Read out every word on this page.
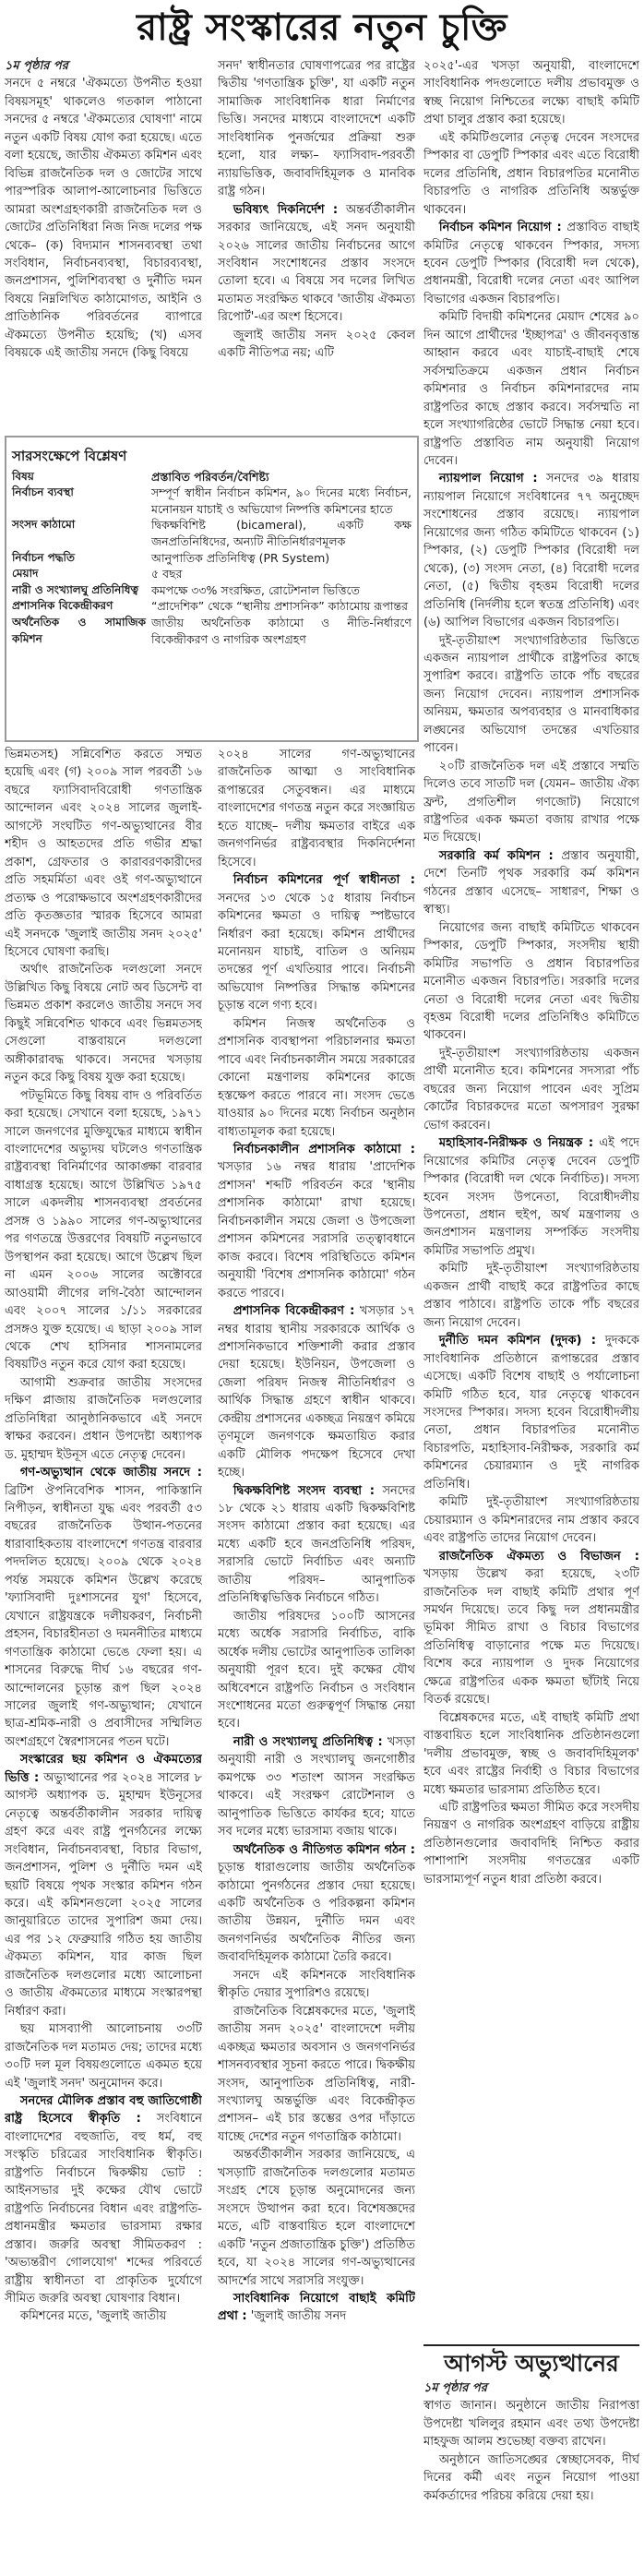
রাষ্ট্র সংস্কারের নতুন চুক্তি

১ম পৃষ্ঠার পর

সনদে ৫ নম্বরে 'ঐকমত্যে উপনীত হওয়া বিষয়সমূহ' থাকলেও গতকাল পাঠানো সনদের ৫ নম্বরে 'ঐকমত্যের ঘোষণা' নামে নতুন একটি বিষয় যোগ করা হয়েছে। এতে বলা হয়েছে, জাতীয় ঐকমত্য কমিশন এবং বিভিন্ন রাজনৈতিক দল ও জোটের সাথে পারস্পরিক আলাপ-আলোচনার ভিত্তিতে আমরা অংশগ্রহণকারী রাজনৈতিক দল ও জোটের প্রতিনিধিরা নিজ নিজ দলের পক্ষ থেকে– (ক) বিদ্যমান শাসনব্যবস্থা তথা সংবিধান, নির্বাচনব্যবস্থা, বিচারব্যবস্থা, জনপ্রশাসন, পুলিশিব্যবস্থা ও দুর্নীতি দমন বিষয়ে নিম্নলিখিত কাঠামোগত, আইনি ও প্রাতিষ্ঠানিক পরিবর্তনের ব্যাপারে ঐকমত্যে উপনীত হয়েছি; (খ) এসব বিষয়কে এই জাতীয় সনদে (কিছু বিষয়ে

সনদ' স্বাধীনতার ঘোষণাপত্রের পর রাষ্ট্রের দ্বিতীয় 'গণতান্ত্রিক চুক্তি', যা একটি নতুন সামাজিক সাংবিধানিক ধারা নির্মাণের ভিত্তি। সনদের মাধ্যমে বাংলাদেশে একটি সাংবিধানিক পুনর্জন্মের প্রক্রিয়া শুরু হলো, যার লক্ষ্য– ফ্যাসিবাদ-পরবর্তী ন্যায়ভিত্তিক, জবাবদিহিমূলক ও মানবিক রাষ্ট্র গঠন।

ভবিষ্যৎ দিকনির্দেশ : অন্তর্বর্তীকালীন সরকার জানিয়েছে, এই সনদ অনুযায়ী ২০২৬ সালের জাতীয় নির্বাচনের আগে সংবিধান সংশোধনের প্রস্তাব সংসদে তোলা হবে। এ বিষয়ে সব দলের লিখিত মতামত সংরক্ষিত থাকবে 'জাতীয় ঐকমত্য রিপোর্ট'-এর অংশ হিসেবে।

জুলাই জাতীয় সনদ ২০২৫ কেবল একটি নীতিপত্র নয়; এটি

সারসংক্ষেপে বিশ্লেষণ
বিষয়	প্রস্তাবিত পরিবর্তন/বৈশিষ্ট্য
নির্বাচন ব্যবস্থা	সম্পূর্ণ স্বাধীন নির্বাচন কমিশন, ৯০ দিনের মধ্যে নির্বাচন, মনোনয়ন যাচাই ও অভিযোগ নিষ্পত্তি কমিশনের হাতে
সংসদ কাঠামো	দ্বিকক্ষবিশিষ্ট (bicameral), একটি কক্ষ জনপ্রতিনিধিদের, অন্যটি নীতিনির্ধারণমূলক
নির্বাচন পদ্ধতি	আনুপাতিক প্রতিনিধিত্ব (PR System)
মেয়াদ	৫ বছর
নারী ও সংখ্যালঘু প্রতিনিধিত্ব	কমপক্ষে ৩৩% সংরক্ষিত, রোটেশনাল ভিত্তিতে
প্রশাসনিক বিকেন্দ্রীকরণ	“প্রাদেশিক” থেকে “স্থানীয় প্রশাসনিক” কাঠামোয় রূপান্তর
অর্থনৈতিক ও সামাজিক কমিশন	জাতীয় অর্থনৈতিক কাঠামো ও নীতি-নির্ধারণে বিকেন্দ্রীকরণ ও নাগরিক অংশগ্রহণ

ভিন্নমতসহ) সন্নিবেশিত করতে সম্মত হয়েছি এবং (গ) ২০০৯ সাল পরবর্তী ১৬ বছরে ফ্যাসিবাদবিরোধী গণতান্ত্রিক আন্দোলন এবং ২০২৪ সালের জুলাই-আগস্টে সংঘটিত গণ-অভ্যুত্থানের বীর শহীদ ও আহতদের প্রতি গভীর শ্রদ্ধা প্রকাশ, গ্রেফতার ও কারাবরণকারীদের প্রতি সহমর্মিতা এবং ওই গণ-অভ্যুত্থানে প্রত্যক্ষ ও পরোক্ষভাবে অংশগ্রহণকারীদের প্রতি কৃতজ্ঞতার স্মারক হিসেবে আমরা এই সনদকে 'জুলাই জাতীয় সনদ ২০২৫' হিসেবে ঘোষণা করছি।

অর্থাৎ রাজনৈতিক দলগুলো সনদে উল্লিখিত কিছু বিষয়ে নোট অব ডিসেন্ট বা ভিন্নমত প্রকাশ করলেও জাতীয় সনদে সব কিছুই সন্নিবেশিত থাকবে এবং ভিন্নমতসহ সেগুলো বাস্তবায়নে দলগুলো অঙ্গীকারাবদ্ধ থাকবে। সনদের খসড়ায় নতুন করে কিছু বিষয় যুক্ত করা হয়েছে।

পটভূমিতে কিছু বিষয় বাদ ও পরিবর্তিত করা হয়েছে। সেখানে বলা হয়েছে, ১৯৭১ সালে জনগণের মুক্তিযুদ্ধের মাধ্যমে স্বাধীন বাংলাদেশের অভ্যুদয় ঘটলেও গণতান্ত্রিক রাষ্ট্রব্যবস্থা বিনির্মাণের আকাঙ্ক্ষা বারবার বাধাগ্রস্ত হয়েছে। আগে উল্লিখিত ১৯৭৫ সালে একদলীয় শাসনব্যবস্থা প্রবর্তনের প্রসঙ্গ ও ১৯৯০ সালের গণ-অভ্যুত্থানের পর গণতন্ত্রে উত্তরণের বিষয়টি নতুনভাবে উপস্থাপন করা হয়েছে। আগে উল্লেখ ছিল না এমন ২০০৬ সালের অক্টোবরে আওয়ামী লীগের লগি-বৈঠা আন্দোলন এবং ২০০৭ সালের ১/১১ সরকারের প্রসঙ্গও যুক্ত হয়েছে। এ ছাড়া ২০০৯ সাল থেকে শেখ হাসিনার শাসনামলের বিষয়টিও নতুন করে যোগ করা হয়েছে।

আগামী শুক্রবার জাতীয় সংসদের দক্ষিণ প্লাজায় রাজনৈতিক দলগুলোর প্রতিনিধিরা আনুষ্ঠানিকভাবে এই সনদে স্বাক্ষর করবেন। প্রধান উপদেষ্টা অধ্যাপক ড. মুহাম্মদ ইউনূস এতে নেতৃত্ব দেবেন।

গণ-অভ্যুত্থান থেকে জাতীয় সনদে : ব্রিটিশ ঔপনিবেশিক শাসন, পাকিস্তানি নিপীড়ন, স্বাধীনতা যুদ্ধ এবং পরবর্তী ৫৩ বছরের রাজনৈতিক উত্থান-পতনের ধারাবাহিকতায় বাংলাদেশে গণতন্ত্র বারবার পদদলিত হয়েছে। ২০০৯ থেকে ২০২৪ পর্যন্ত সময়কে কমিশন উল্লেখ করেছে 'ফ্যাসিবাদী দুঃশাসনের যুগ' হিসেবে, যেখানে রাষ্ট্রযন্ত্রকে দলীয়করণ, নির্বাচনী প্রহসন, বিচারহীনতা ও দমননীতির মাধ্যমে গণতান্ত্রিক কাঠামো ভেঙে ফেলা হয়। এ শাসনের বিরুদ্ধে দীর্ঘ ১৬ বছরের গণ-আন্দোলনের চূড়ান্ত রূপ ছিল ২০২৪ সালের জুলাই গণ-অভ্যুত্থান; যেখানে ছাত্র-শ্রমিক-নারী ও প্রবাসীদের সম্মিলিত অংশগ্রহণে স্বৈরশাসনের পতন ঘটে।

সংস্কারের ছয় কমিশন ও ঐকমত্যের ভিত্তি : অভ্যুত্থানের পর ২০২৪ সালের ৮ আগস্ট অধ্যাপক ড. মুহাম্মদ ইউনূসের নেতৃত্বে অন্তর্বর্তীকালীন সরকার দায়িত্ব গ্রহণ করে এবং রাষ্ট্র পুনর্গঠনের লক্ষ্যে সংবিধান, নির্বাচনব্যবস্থা, বিচার বিভাগ, জনপ্রশাসন, পুলিশ ও দুর্নীতি দমন এই ছয়টি বিষয়ে পৃথক সংস্কার কমিশন গঠন করে। এই কমিশনগুলো ২০২৫ সালের জানুয়ারিতে তাদের সুপারিশ জমা দেয়। এর পর ১২ ফেব্রুয়ারি গঠিত হয় জাতীয় ঐকমত্য কমিশন, যার কাজ ছিল রাজনৈতিক দলগুলোর মধ্যে আলোচনা ও জাতীয় ঐকমত্যের মাধ্যমে সংস্কারপন্থা নির্ধারণ করা।

ছয় মাসব্যাপী আলোচনায় ৩৩টি রাজনৈতিক দল মতামত দেয়; তাদের মধ্যে ৩০টি দল মূল বিষয়গুলোতে একমত হয়ে এই 'জুলাই সনদ' অনুমোদন করে।

সনদের মৌলিক প্রস্তাব বহু জাতিগোষ্ঠী রাষ্ট্র হিসেবে স্বীকৃতি : সংবিধানে বাংলাদেশের বহুজাতি, বহু ধর্ম, বহু সংস্কৃতি চরিত্রের সাংবিধানিক স্বীকৃতি। রাষ্ট্রপতি নির্বাচনে দ্বিকক্ষীয় ভোট : আইনসভার দুই কক্ষের যৌথ ভোটে রাষ্ট্রপতি নির্বাচনের বিধান এবং রাষ্ট্রপতি-প্রধানমন্ত্রীর ক্ষমতার ভারসাম্য রক্ষার প্রস্তাব। জরুরি অবস্থা সীমিতকরণ : 'অভ্যন্তরীণ গোলযোগ' শব্দের পরিবর্তে রাষ্ট্রীয় স্বাধীনতা বা প্রাকৃতিক দুর্যোগে সীমিত জরুরি অবস্থা ঘোষণার বিধান।

কমিশনের মতে, 'জুলাই জাতীয়

২০২৪ সালের গণ-অভ্যুত্থানের রাজনৈতিক আত্মা ও সাংবিধানিক রূপান্তরের সেতুবন্ধন। এর মাধ্যমে বাংলাদেশের গণতন্ত্র নতুন করে সংজ্ঞায়িত হতে যাচ্ছে– দলীয় ক্ষমতার বাইরে এক জনগণনির্ভর রাষ্ট্রব্যবস্থার দিকনির্দেশনা হিসেবে।

নির্বাচন কমিশনের পূর্ণ স্বাধীনতা : সনদের ১৩ থেকে ১৫ ধারায় নির্বাচন কমিশনের ক্ষমতা ও দায়িত্ব স্পষ্টভাবে নির্ধারণ করা হয়েছে। কমিশন প্রার্থীদের মনোনয়ন যাচাই, বাতিল ও অনিয়ম তদন্তের পূর্ণ এখতিয়ার পাবে। নির্বাচনী অভিযোগ নিষ্পত্তির সিদ্ধান্ত কমিশনের চূড়ান্ত বলে গণ্য হবে।

কমিশন নিজস্ব অর্থনৈতিক ও প্রশাসনিক ব্যবস্থাপনা পরিচালনার ক্ষমতা পাবে এবং নির্বাচনকালীন সময়ে সরকারের কোনো মন্ত্রণালয় কমিশনের কাজে হস্তক্ষেপ করতে পারবে না। সংসদ ভেঙে যাওয়ার ৯০ দিনের মধ্যে নির্বাচন অনুষ্ঠান বাধ্যতামূলক করা হয়েছে।

নির্বাচনকালীন প্রশাসনিক কাঠামো : খসড়ার ১৬ নম্বর ধারায় 'প্রাদেশিক প্রশাসন' শব্দটি পরিবর্তন করে 'স্থানীয় প্রশাসনিক কাঠামো' রাখা হয়েছে। নির্বাচনকালীন সময়ে জেলা ও উপজেলা প্রশাসন কমিশনের সরাসরি তত্ত্বাবধানে কাজ করবে। বিশেষ পরিস্থিতিতে কমিশন অনুযায়ী 'বিশেষ প্রশাসনিক কাঠামো' গঠন করতে পারবে।

প্রশাসনিক বিকেন্দ্রীকরণ : খসড়ার ১৭ নম্বর ধারায় স্থানীয় সরকারকে আর্থিক ও প্রশাসনিকভাবে শক্তিশালী করার প্রস্তাব দেয়া হয়েছে। ইউনিয়ন, উপজেলা ও জেলা পরিষদ নিজস্ব নীতিনির্ধারণ ও আর্থিক সিদ্ধান্ত গ্রহণে স্বাধীন থাকবে। কেন্দ্রীয় প্রশাসনের একচ্ছত্র নিয়ন্ত্রণ কমিয়ে তৃণমূলে জনগণকে ক্ষমতায়িত করার একটি মৌলিক পদক্ষেপ হিসেবে দেখা হচ্ছে।

দ্বিকক্ষবিশিষ্ট সংসদ ব্যবস্থা : সনদের ১৮ থেকে ২১ ধারায় একটি দ্বিকক্ষবিশিষ্ট সংসদ কাঠামো প্রস্তাব করা হয়েছে। এর মধ্যে একটি হবে জনপ্রতিনিধি পরিষদ, সরাসরি ভোটে নির্বাচিত এবং অন্যটি জাতীয় পরিষদ– আনুপাতিক প্রতিনিধিত্বভিত্তিক নির্বাচনে গঠিত।

জাতীয় পরিষদের ১০০টি আসনের মধ্যে অর্ধেক সরাসরি নির্বাচিত, বাকি অর্ধেক দলীয় ভোটের আনুপাতিক তালিকা অনুযায়ী পূরণ হবে। দুই কক্ষের যৌথ অধিবেশনে রাষ্ট্রপতি নির্বাচন ও সংবিধান সংশোধনের মতো গুরুত্বপূর্ণ সিদ্ধান্ত নেয়া হবে।

নারী ও সংখ্যালঘু প্রতিনিধিত্ব : খসড়া অনুযায়ী নারী ও সংখ্যালঘু জনগোষ্ঠীর কমপক্ষে ৩৩ শতাংশ আসন সংরক্ষিত থাকবে। এই সংরক্ষণ রোটেশনাল ও আনুপাতিক ভিত্তিতে কার্যকর হবে; যাতে সব দলের মধ্যে ভারসাম্য বজায় থাকে।

অর্থনৈতিক ও নীতিগত কমিশন গঠন : চূড়ান্ত ধারাগুলোয় জাতীয় অর্থনৈতিক কাঠামো পুনর্গঠনের প্রস্তাব দেয়া হয়েছে। একটি অর্থনৈতিক ও পরিকল্পনা কমিশন জাতীয় উন্নয়ন, দুর্নীতি দমন এবং জনগণনির্ভর অর্থনৈতিক নীতির জন্য জবাবদিহিমূলক কাঠামো তৈরি করবে।

সনদে এই কমিশনকে সাংবিধানিক স্বীকৃতি দেয়ার সুপারিশও রয়েছে।

রাজনৈতিক বিশ্লেষকদের মতে, 'জুলাই জাতীয় সনদ ২০২৫' বাংলাদেশে দলীয় একচ্ছত্র ক্ষমতার অবসান ও জনগণনির্ভর শাসনব্যবস্থার সূচনা করতে পারে। দ্বিকক্ষীয় সংসদ, আনুপাতিক প্রতিনিধিত্ব, নারী-সংখ্যালঘু অন্তর্ভুক্তি এবং বিকেন্দ্রীকৃত প্রশাসন– এই চার স্তম্ভের ওপর দাঁড়াতে যাচ্ছে দেশের নতুন গণতান্ত্রিক কাঠামো।

অন্তর্বর্তীকালীন সরকার জানিয়েছে, এ খসড়াটি রাজনৈতিক দলগুলোর মতামত সংগ্রহ শেষে চূড়ান্ত অনুমোদনের জন্য সংসদে উত্থাপন করা হবে। বিশেষজ্ঞদের মতে, এটি বাস্তবায়িত হলে বাংলাদেশে একটি 'নতুন প্রজাতান্ত্রিক চুক্তি') প্রতিষ্ঠিত হবে, যা ২০২৪ সালের গণ-অভ্যুত্থানের আদর্শের সাথে সরাসরি সংযুক্ত।

সাংবিধানিক নিয়োগে বাছাই কমিটি প্রথা : 'জুলাই জাতীয় সনদ

২০২৫'-এর খসড়া অনুযায়ী, বাংলাদেশে সাংবিধানিক পদগুলোতে দলীয় প্রভাবমুক্ত ও স্বচ্ছ নিয়োগ নিশ্চিতের লক্ষ্যে বাছাই কমিটি প্রথা চালুর প্রস্তাব করা হয়েছে।

এই কমিটিগুলোর নেতৃত্ব দেবেন সংসদের স্পিকার বা ডেপুটি স্পিকার এবং এতে বিরোধী দলের প্রতিনিধি, প্রধান বিচারপতির মনোনীত বিচারপতি ও নাগরিক প্রতিনিধি অন্তর্ভুক্ত থাকবেন।

নির্বাচন কমিশন নিয়োগ : প্রস্তাবিত বাছাই কমিটির নেতৃত্বে থাকবেন স্পিকার, সদস্য হবেন ডেপুটি স্পিকার (বিরোধী দল থেকে), প্রধানমন্ত্রী, বিরোধী দলের নেতা এবং আপিল বিভাগের একজন বিচারপতি।

কমিটি বিদায়ী কমিশনের মেয়াদ শেষের ৯০ দিন আগে প্রার্থীদের 'ইচ্ছাপত্র' ও জীবনবৃত্তান্ত আহ্বান করবে এবং যাচাই-বাছাই শেষে সর্বসম্মতিক্রমে একজন প্রধান নির্বাচন কমিশনার ও নির্বাচন কমিশনারদের নাম রাষ্ট্রপতির কাছে প্রস্তাব করবে। সর্বসম্মতি না হলে সংখ্যাগরিষ্ঠের ভোটে সিদ্ধান্ত নেয়া হবে। রাষ্ট্রপতি প্রস্তাবিত নাম অনুযায়ী নিয়োগ দেবেন।

ন্যায়পাল নিয়োগ : সনদের ৩৯ ধারায় ন্যায়পাল নিয়োগে সংবিধানের ৭৭ অনুচ্ছেদ সংশোধনের প্রস্তাব রয়েছে। ন্যায়পাল নিয়োগের জন্য গঠিত কমিটিতে থাকবেন (১) স্পিকার, (২) ডেপুটি স্পিকার (বিরোধী দল থেকে), (৩) সংসদ নেতা, (৪) বিরোধী দলের নেতা, (৫) দ্বিতীয় বৃহত্তম বিরোধী দলের প্রতিনিধি (নির্দলীয় হলে স্বতন্ত্র প্রতিনিধি) এবং (৬) আপিল বিভাগের একজন বিচারপতি।

দুই-তৃতীয়াংশ সংখ্যাগরিষ্ঠতার ভিত্তিতে একজন ন্যায়পাল প্রার্থীকে রাষ্ট্রপতির কাছে সুপারিশ করবে। রাষ্ট্রপতি তাকে পাঁচ বছরের জন্য নিয়োগ দেবেন। ন্যায়পাল প্রশাসনিক অনিয়ম, ক্ষমতার অপব্যবহার ও মানবাধিকার লঙ্ঘনের অভিযোগ তদন্তের এখতিয়ার পাবেন।

২০টি রাজনৈতিক দল এই প্রস্তাবে সম্মতি দিলেও তবে সাতটি দল (যেমন– জাতীয় ঐক্য ফ্রন্ট, প্রগতিশীল গণজোট) নিয়োগে রাষ্ট্রপতির একক ক্ষমতা বজায় রাখার পক্ষে মত দিয়েছে।

সরকারি কর্ম কমিশন : প্রস্তাব অনুযায়ী, দেশে তিনটি পৃথক সরকারি কর্ম কমিশন গঠনের প্রস্তাব এসেছে– সাধারণ, শিক্ষা ও স্বাস্থ্য।

নিয়োগের জন্য বাছাই কমিটিতে থাকবেন স্পিকার, ডেপুটি স্পিকার, সংসদীয় স্থায়ী কমিটির সভাপতি ও প্রধান বিচারপতির মনোনীত একজন বিচারপতি। সরকারি দলের নেতা ও বিরোধী দলের নেতা এবং দ্বিতীয় বৃহত্তম বিরোধী দলের প্রতিনিধিও কমিটিতে থাকবেন।

দুই-তৃতীয়াংশ সংখ্যাগরিষ্ঠতায় একজন প্রার্থী মনোনীত হবে। কমিশনের সদস্যরা পাঁচ বছরের জন্য নিয়োগ পাবেন এবং সুপ্রিম কোর্টের বিচারকদের মতো অপসারণ সুরক্ষা ভোগ করবেন।

মহাহিসাব-নিরীক্ষক ও নিয়ন্ত্রক : এই পদে নিয়োগের কমিটির নেতৃত্ব দেবেন ডেপুটি স্পিকার (বিরোধী দল থেকে নির্বাচিত)। সদস্য হবেন সংসদ উপনেতা, বিরোধীদলীয় উপনেতা, প্রধান হুইপ, অর্থ মন্ত্রণালয় ও জনপ্রশাসন মন্ত্রণালয় সম্পর্কিত সংসদীয় কমিটির সভাপতি প্রমুখ।

কমিটি দুই-তৃতীয়াংশ সংখ্যাগরিষ্ঠতায় একজন প্রার্থী বাছাই করে রাষ্ট্রপতির কাছে প্রস্তাব পাঠাবে। রাষ্ট্রপতি তাকে পাঁচ বছরের জন্য নিয়োগ দেবেন।

দুর্নীতি দমন কমিশন (দুদক) : দুদককে সাংবিধানিক প্রতিষ্ঠানে রূপান্তরের প্রস্তাব এসেছে। একটি বিশেষ বাছাই ও পর্যালোচনা কমিটি গঠিত হবে, যার নেতৃত্বে থাকবেন সংসদের স্পিকার। সদস্য হবেন বিরোধীদলীয় নেতা, প্রধান বিচারপতির মনোনীত বিচারপতি, মহাহিসাব-নিরীক্ষক, সরকারি কর্ম কমিশনের চেয়ারম্যান ও দুই নাগরিক প্রতিনিধি।

কমিটি দুই-তৃতীয়াংশ সংখ্যাগরিষ্ঠতায় চেয়ারম্যান ও কমিশনারদের নাম প্রস্তাব করবে এবং রাষ্ট্রপতি তাদের নিয়োগ দেবেন।

রাজনৈতিক ঐকমত্য ও বিভাজন : খসড়ায় উল্লেখ করা হয়েছে, ২৩টি রাজনৈতিক দল বাছাই কমিটি প্রথার পূর্ণ সমর্থন দিয়েছে। তবে কিছু দল প্রধানমন্ত্রীর ভূমিকা সীমিত রাখা ও বিচার বিভাগের প্রতিনিধিত্ব বাড়ানোর পক্ষে মত দিয়েছে। বিশেষ করে ন্যায়পাল ও দুদক নিয়োগের ক্ষেত্রে রাষ্ট্রপতির একক ক্ষমতা ছাঁটাই নিয়ে বিতর্ক রয়েছে।

বিশ্লেষকদের মতে, এই বাছাই কমিটি প্রথা বাস্তবায়িত হলে সাংবিধানিক প্রতিষ্ঠানগুলো 'দলীয় প্রভাবমুক্ত, স্বচ্ছ ও জবাবদিহিমূলক' হবে এবং রাষ্ট্রের নির্বাহী ও বিচার বিভাগের মধ্যে ক্ষমতার ভারসাম্য প্রতিষ্ঠিত হবে।

এটি রাষ্ট্রপতির ক্ষমতা সীমিত করে সংসদীয় নিয়ন্ত্রণ ও নাগরিক অংশগ্রহণ বাড়িয়ে রাষ্ট্রীয় প্রতিষ্ঠানগুলোর জবাবদিহি নিশ্চিত করার পাশাপাশি সংসদীয় গণতন্ত্রের একটি ভারসাম্যপূর্ণ নতুন ধারা প্রতিষ্ঠা করবে।

আগস্ট অভ্যুত্থানের
১ম পৃষ্ঠার পর

স্বাগত জানান। অনুষ্ঠানে জাতীয় নিরাপত্তা উপদেষ্টা খলিলুর রহমান এবং তথ্য উপদেষ্টা মাহফুজ আলম শুভেচ্ছা বক্তব্য রাখেন।

অনুষ্ঠানে জাতিসঙ্ঘের স্বেচ্ছাসেবক, দীর্ঘ দিনের কর্মী এবং নতুন নিয়োগ পাওয়া কর্মকর্তাদের পরিচয় করিয়ে দেয়া হয়।
